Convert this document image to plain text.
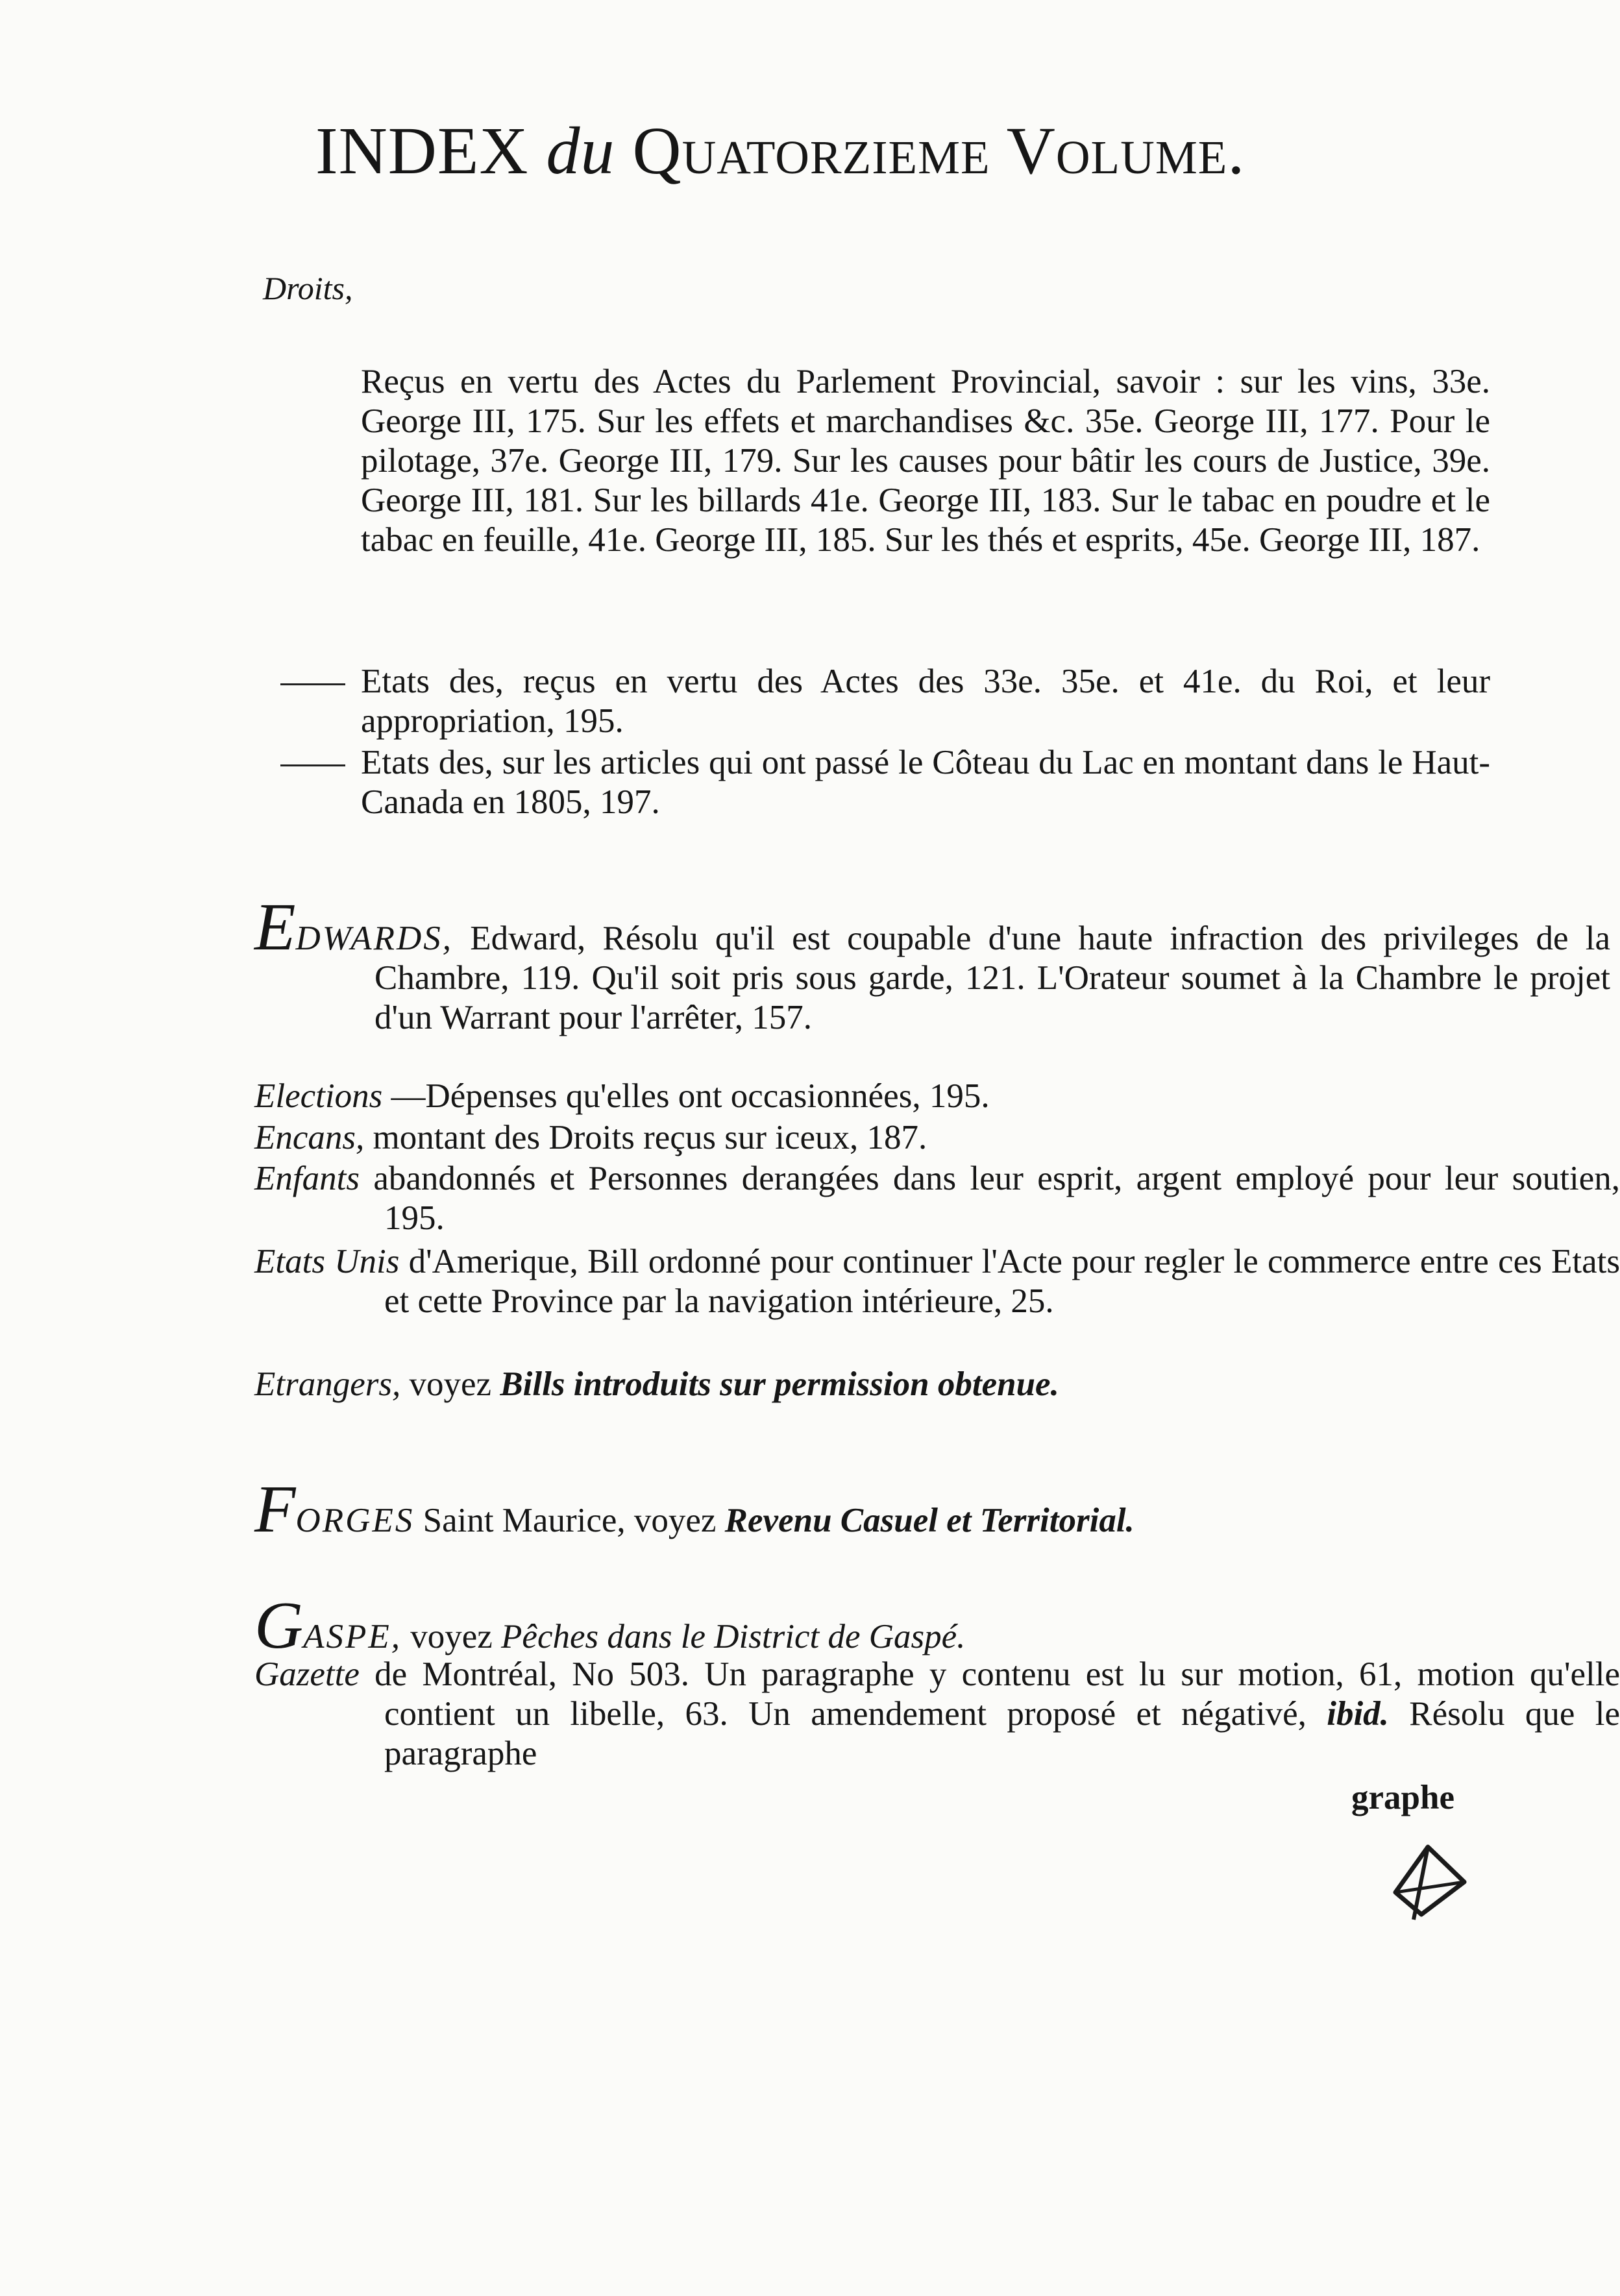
INDEX du Quatorzieme Volume.
Droits,
Reçus en vertu des Actes du Parlement Provincial, savoir : sur les vins, 33e. George III, 175. Sur les effets et marchandises &c. 35e. George III, 177. Pour le pilotage, 37e. George III, 179. Sur les causes pour bâtir les cours de Justice, 39e. George III, 181. Sur les billards 41e. George III, 183. Sur le tabac en poudre et le tabac en feuille, 41e. George III, 185. Sur les thés et esprits, 45e. George III, 187.
Etats des, reçus en vertu des Actes des 33e. 35e. et 41e. du Roi, et leur appropriation, 195.
Etats des, sur les articles qui ont passé le Côteau du Lac en montant dans le Haut-Canada en 1805, 197.
EDWARDS, Edward, Résolu qu'il est coupable d'une haute infraction des privileges de la Chambre, 119. Qu'il soit pris sous garde, 121. L'Orateur soumet à la Chambre le projet d'un Warrant pour l'arrêter, 157.
Elections —Dépenses qu'elles ont occasionnées, 195.
Encans, montant des Droits reçus sur iceux, 187.
Enfants abandonnés et Personnes derangées dans leur esprit, argent employé pour leur soutien, 195.
Etats Unis d'Amerique, Bill ordonné pour continuer l'Acte pour regler le commerce entre ces Etats et cette Province par la navigation intérieure, 25.
Etrangers, voyez Bills introduits sur permission obtenue.
FORGES Saint Maurice, voyez Revenu Casuel et Territorial.
GASPE, voyez Pêches dans le District de Gaspé.
Gazette de Montréal, No 503. Un paragraphe y contenu est lu sur motion, 61, motion qu'elle contient un libelle, 63. Un amendement proposé et négativé, ibid. Résolu que le paragraphe
graphe
